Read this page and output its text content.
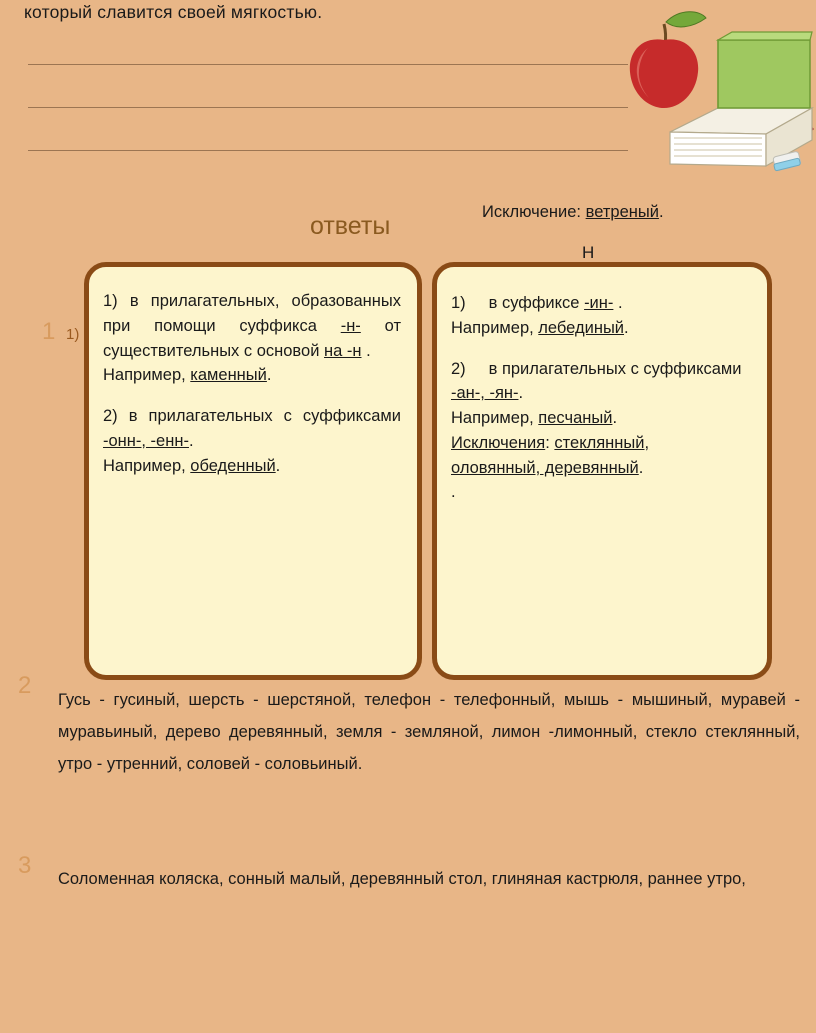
который славится своей мягкостью.
ответы	Исключение: ветреный.
Н
1) в прилагательных, образованных при помощи суффикса -н- от существительных с основой на -н .
Например, каменный.
2) в прилагательных с суффиксами -онн-, -енн-.
Например, обеденный.
1) в суффиксе -ин- .
Например, лебединый.
2) в прилагательных с суффиксами -ан-, -ян-.
Например, песчаный.
Исключения: стеклянный,
оловянный, деревянный.
.
1 1)
2
3
Гусь - гусиный, шерсть - шерстяной, телефон - телефонный, мышь - мышиный, муравей - муравьиный, дерево деревянный, земля - земляной, лимон -лимонный, стекло стеклянный, утро - утренний, соловей - соловьиный.
Соломенная коляска, сонный малый, деревянный стол, глиняная кастрюля, раннее утро,
